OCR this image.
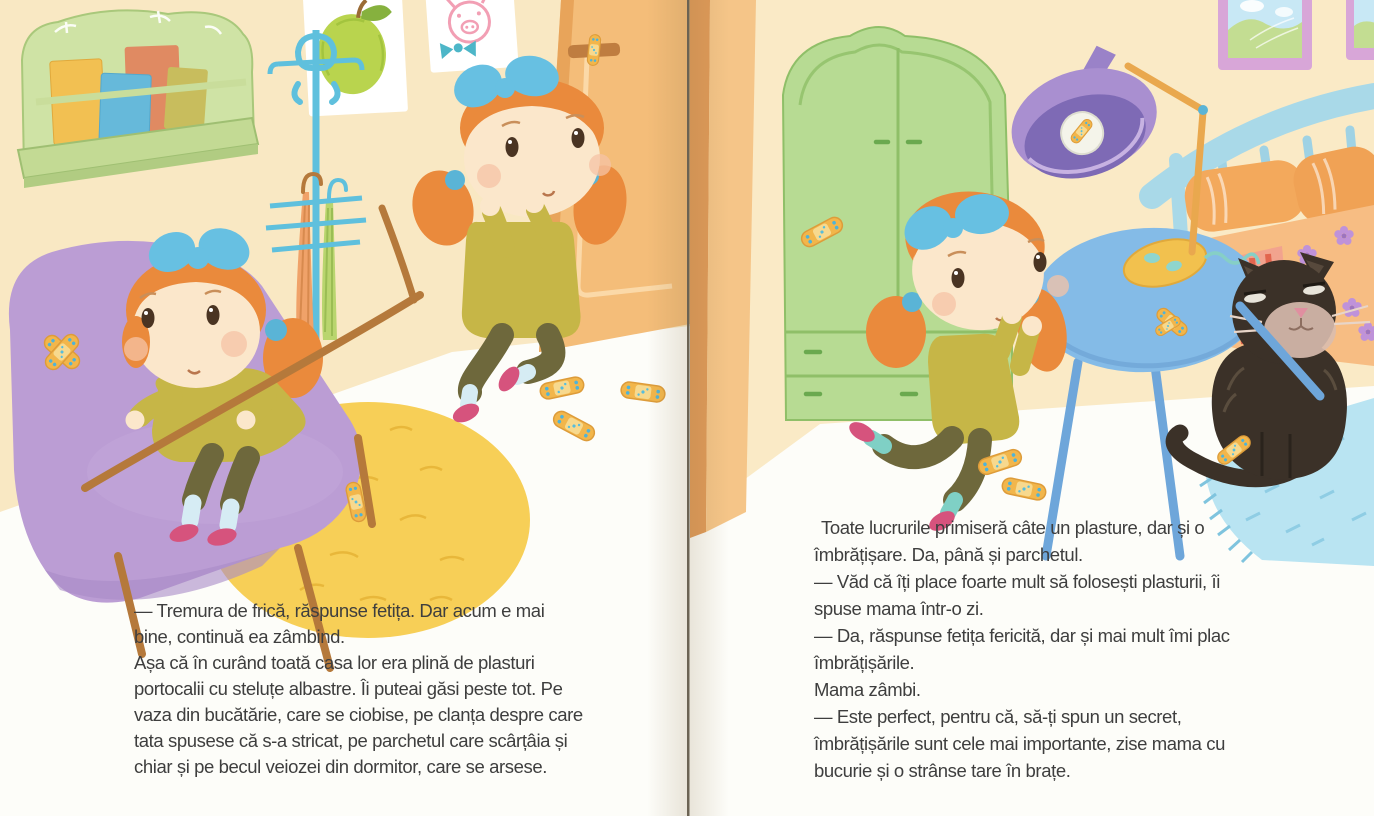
— Tremura de frică, răspunse fetița. Dar acum e mai
bine, continuă ea zâmbind.
Așa că în curând toată casa lor era plină de plasturi
portocalii cu steluțe albastre. Îi puteai găsi peste tot. Pe
vaza din bucătărie, care se ciobise, pe clanța despre care
tata spusese că s-a stricat, pe parchetul care scârțâia și
chiar și pe becul veiozei din dormitor, care se arsese.
Toate lucrurile primiseră câte un plasture, dar și o
îmbrățișare. Da, până și parchetul.
— Văd că îți place foarte mult să folosești plasturii, îi
spuse mama într-o zi.
— Da, răspunse fetița fericită, dar și mai mult îmi plac
îmbrățișările.
Mama zâmbi.
— Este perfect, pentru că, să-ți spun un secret,
îmbrățișările sunt cele mai importante, zise mama cu
bucurie și o strânse tare în brațe.
